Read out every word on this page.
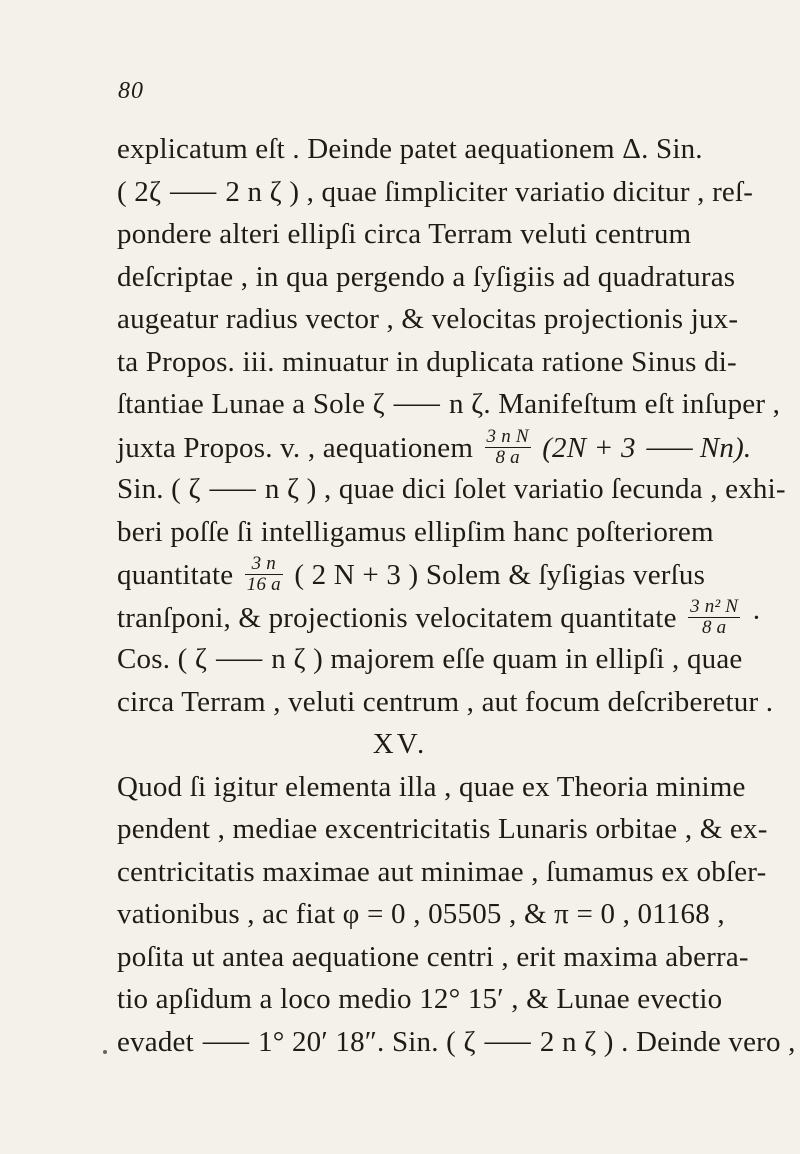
80
explicatum eſt . Deinde patet aequationem Δ. Sin.
( 2ζ ⸺ 2 n ζ ) , quae ſimpliciter variatio dicitur , reſ-
pondere alteri ellipſi circa Terram veluti centrum
deſcriptae , in qua pergendo a ſyſigiis ad quadraturas
augeatur radius vector , & velocitas projectionis jux-
ta Propos. iii. minuatur in duplicata ratione Sinus di-
ſtantiae Lunae a Sole ζ ⸺ n ζ. Manifeſtum eſt inſuper ,
juxta Propos. v. , aequationem $\frac{\text{3 n N}}{8 a} (2N + 3$ ⸺ Nn).
Sin. ( ζ ⸺ n ζ ) , quae dici ſolet variatio ſecunda , exhi-
beri poſſe ſi intelligamus ellipſim hanc poſteriorem
quantitate $\frac{3 n}{16 a}$ ( 2 N + 3 ) Solem & ſyſigias verſus
tranſponi, & projectionis velocitatem quantitate $\frac{\text{3 n² N}}{8 a}$ ·
Cos. ( ζ ⸺ n ζ ) majorem eſſe quam in ellipſi , quae
circa Terram , veluti centrum , aut focum deſcriberetur .
XV.
Quod ſi igitur elementa illa , quae ex Theoria minime
pendent , mediae excentricitatis Lunaris orbitae , & ex-
centricitatis maximae aut minimae , ſumamus ex obſer-
vationibus , ac fiat φ = 0 , 05505 , & π = 0 , 01168 ,
poſita ut antea aequatione centri , erit maxima aberra-
tio apſidum a loco medio 12° 15′ , & Lunae evectio
evadet ⸺ 1° 20′ 18″. Sin. ( ζ ⸺ 2 n ζ ) . Deinde vero ,
